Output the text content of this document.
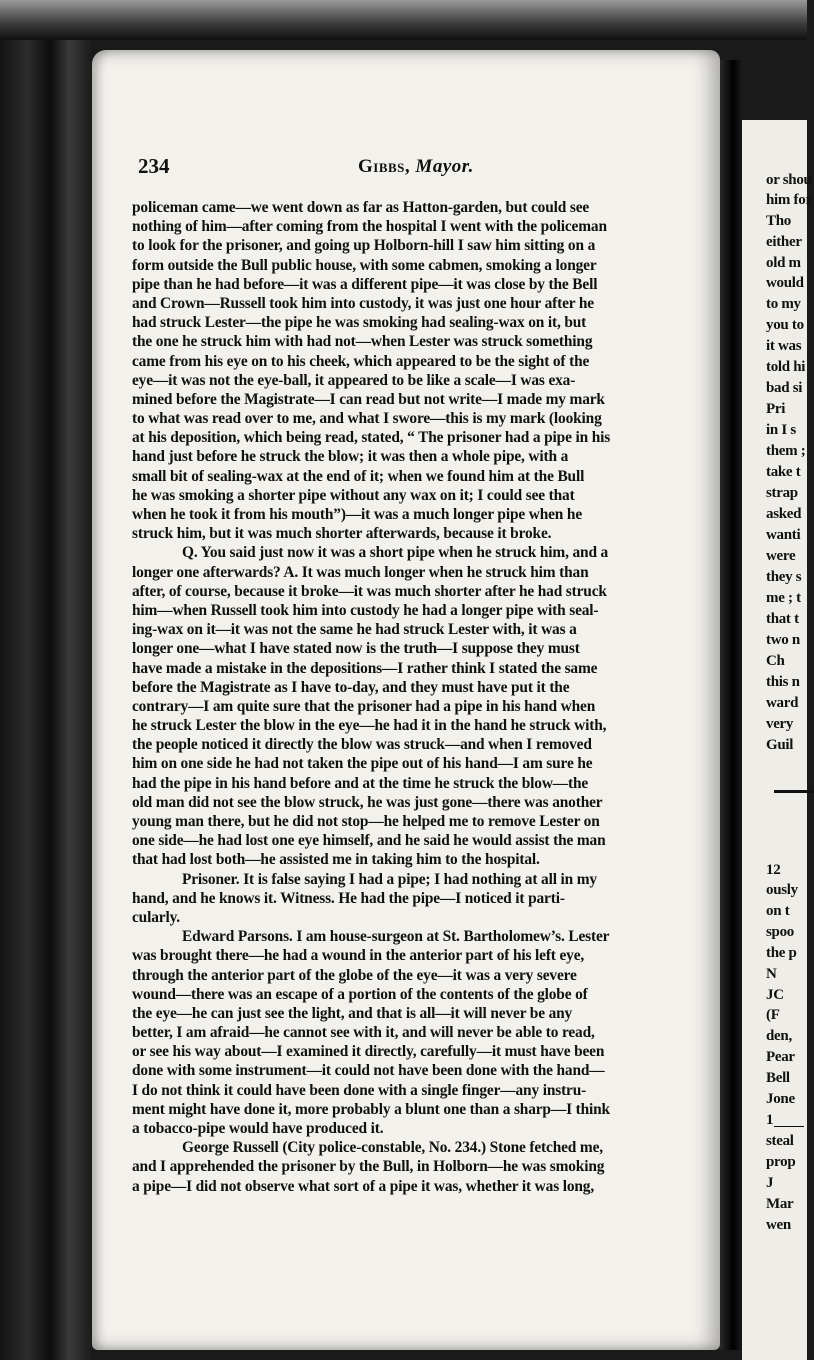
234	Gibbs, Mayor.
policeman came—we went down as far as Hatton-garden, but could see
nothing of him—after coming from the hospital I went with the policeman
to look for the prisoner, and going up Holborn-hill I saw him sitting on a
form outside the Bull public house, with some cabmen, smoking a longer
pipe than he had before—it was a different pipe—it was close by the Bell
and Crown—Russell took him into custody, it was just one hour after he
had struck Lester—the pipe he was smoking had sealing-wax on it, but
the one he struck him with had not—when Lester was struck something
came from his eye on to his cheek, which appeared to be the sight of the
eye—it was not the eye-ball, it appeared to be like a scale—I was exa-
mined before the Magistrate—I can read but not write—I made my mark
to what was read over to me, and what I swore—this is my mark (looking
at his deposition, which being read, stated, “ The prisoner had a pipe in his
hand just before he struck the blow; it was then a whole pipe, with a
small bit of sealing-wax at the end of it; when we found him at the Bull
he was smoking a shorter pipe without any wax on it; I could see that
when he took it from his mouth”)—it was a much longer pipe when he
struck him, but it was much shorter afterwards, because it broke.
Q. You said just now it was a short pipe when he struck him, and a
longer one afterwards? A. It was much longer when he struck him than
after, of course, because it broke—it was much shorter after he had struck
him—when Russell took him into custody he had a longer pipe with seal-
ing-wax on it—it was not the same he had struck Lester with, it was a
longer one—what I have stated now is the truth—I suppose they must
have made a mistake in the depositions—I rather think I stated the same
before the Magistrate as I have to-day, and they must have put it the
contrary—I am quite sure that the prisoner had a pipe in his hand when
he struck Lester the blow in the eye—he had it in the hand he struck with,
the people noticed it directly the blow was struck—and when I removed
him on one side he had not taken the pipe out of his hand—I am sure he
had the pipe in his hand before and at the time he struck the blow—the
old man did not see the blow struck, he was just gone—there was another
young man there, but he did not stop—he helped me to remove Lester on
one side—he had lost one eye himself, and he said he would assist the man
that had lost both—he assisted me in taking him to the hospital.
Prisoner. It is false saying I had a pipe; I had nothing at all in my
hand, and he knows it. Witness. He had the pipe—I noticed it parti-
cularly.
Edward Parsons. I am house-surgeon at St. Bartholomew’s. Lester
was brought there—he had a wound in the anterior part of his left eye,
through the anterior part of the globe of the eye—it was a very severe
wound—there was an escape of a portion of the contents of the globe of
the eye—he can just see the light, and that is all—it will never be any
better, I am afraid—he cannot see with it, and will never be able to read,
or see his way about—I examined it directly, carefully—it must have been
done with some instrument—it could not have been done with the hand—
I do not think it could have been done with a single finger—any instru-
ment might have done it, more probably a blunt one than a sharp—I think
a tobacco-pipe would have produced it.
George Russell (City police-constable, No. 234.) Stone fetched me,
and I apprehended the prisoner by the Bull, in Holborn—he was smoking
a pipe—I did not observe what sort of a pipe it was, whether it was long,
or shou
him for
Tho
either
old m
would
to my
you to
it was
told hi
bad si
Pri
in I s
them ;
take t
strap
asked
wanti
were
they s
me ; t
that t
two n
Ch
this n
ward
very
Guil
12
ously
on t
spoo
the p
N
JC
(F
den,
Pear
Bell
Jone
1
steal
prop
J
Mar
wen
